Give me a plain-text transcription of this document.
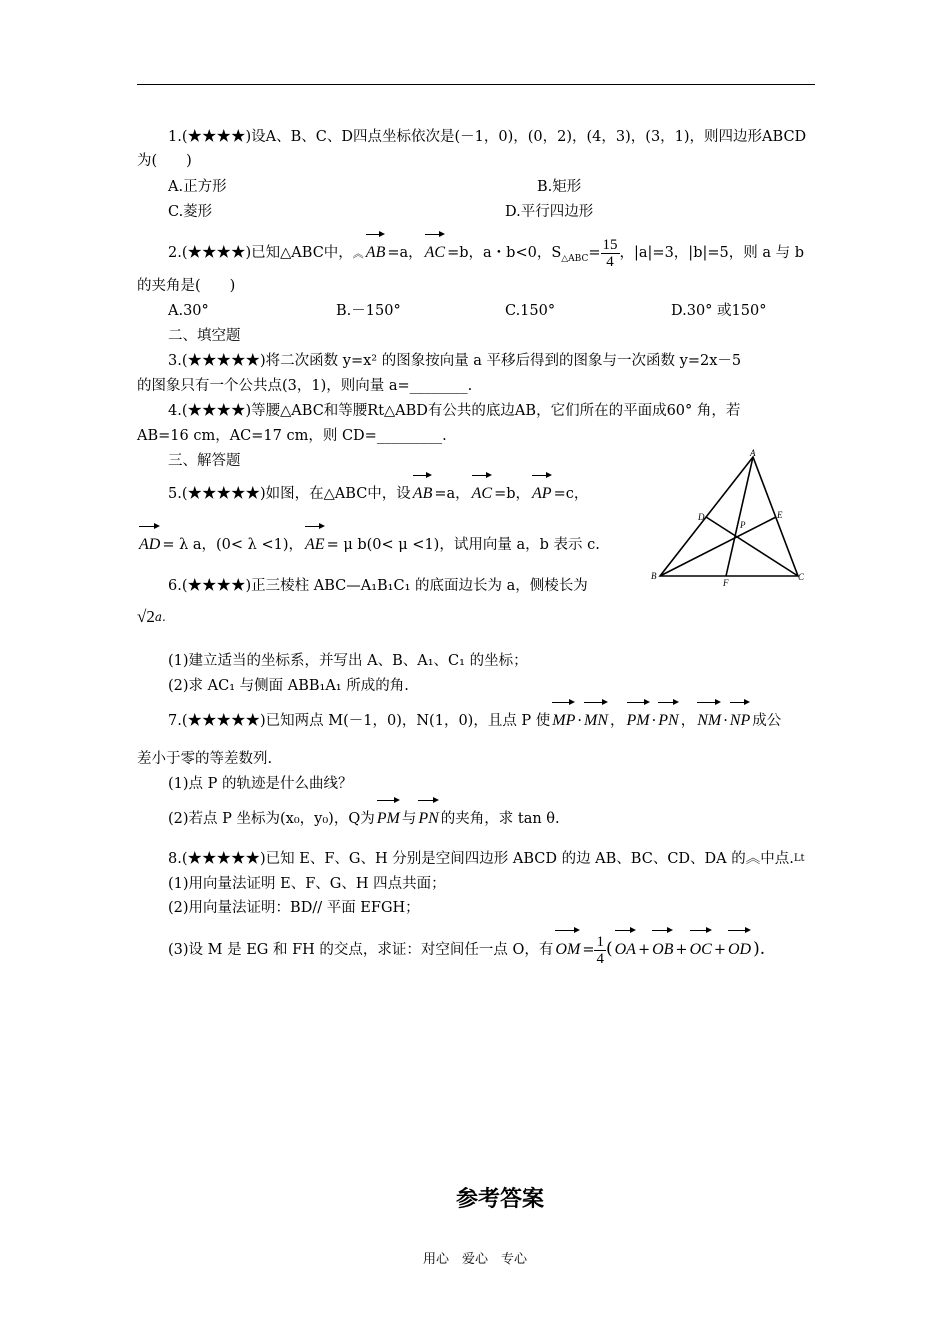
1.(★★★★)设A、B、C、D四点坐标依次是(－1，0)，(0，2)，(4，3)，(3，1)，则四边形ABCD
为(　　)
A.正方形	B.矩形
C.菱形	D.平行四边形
2.(★★★★)已知△ABC中，︽ AB =a， AC =b，a・b<0，$S_{\triangle ABC}= \frac{15}{4}$ ，|a|=3，|b|=5，则 a 与 b
的夹角是(　　)
A.30°	B.－150°	C.150°	D.30° 或150°
二、填空题
3.(★★★★★)将二次函数 y=x² 的图象按向量 a 平移后得到的图象与一次函数 y=2x－5
的图象只有一个公共点(3，1)，则向量 a=________.
4.(★★★★)等腰△ABC和等腰Rt△ABD有公共的底边AB，它们所在的平面成60° 角，若
AB=16 cm，AC=17 cm，则 CD=_________.
三、解答题
5.(★★★★★)如图，在△ABC中，设 AB =a， AC =b， AP =c，
AD = λ a，(0< λ <1)， AE = μ b(0< μ <1)，试用向量 a，b 表示 c.
A
B	C
D	E
F
P
6.(★★★★)正三棱柱 ABC—A₁B₁C₁ 的底面边长为 a，侧棱长为
$√2^{a.}$
(1)建立适当的坐标系，并写出 A、B、A₁、C₁ 的坐标；
(2)求 AC₁ 与侧面 ABB₁A₁ 所成的角.
7.(★★★★★)已知两点 M(－1，0)，N(1，0)，且点 P 使 MP · MN ， PM · PN ， NM · NP 成公
差小于零的等差数列.
(1)点 P 的轨迹是什么曲线？
(2)若点 P 坐标为(x₀，y₀)，Q为 PM 与 PN 的夹角，求 tan θ.
8.(★★★★★)已知 E、F、G、H 分别是空间四边形 ABCD 的边 AB、BC、CD、DA 的︽中点.Lt
(1)用向量法证明 E、F、G、H 四点共面；
(2)用向量法证明：BD// 平面 EFGH；
(3)设 M 是 EG 和 FH 的交点，求证：对空间任一点 O，有 OM = $\frac{1}{4}$ ( OA + OB + OC + OD ).
参考答案
用心　爱心　专心
